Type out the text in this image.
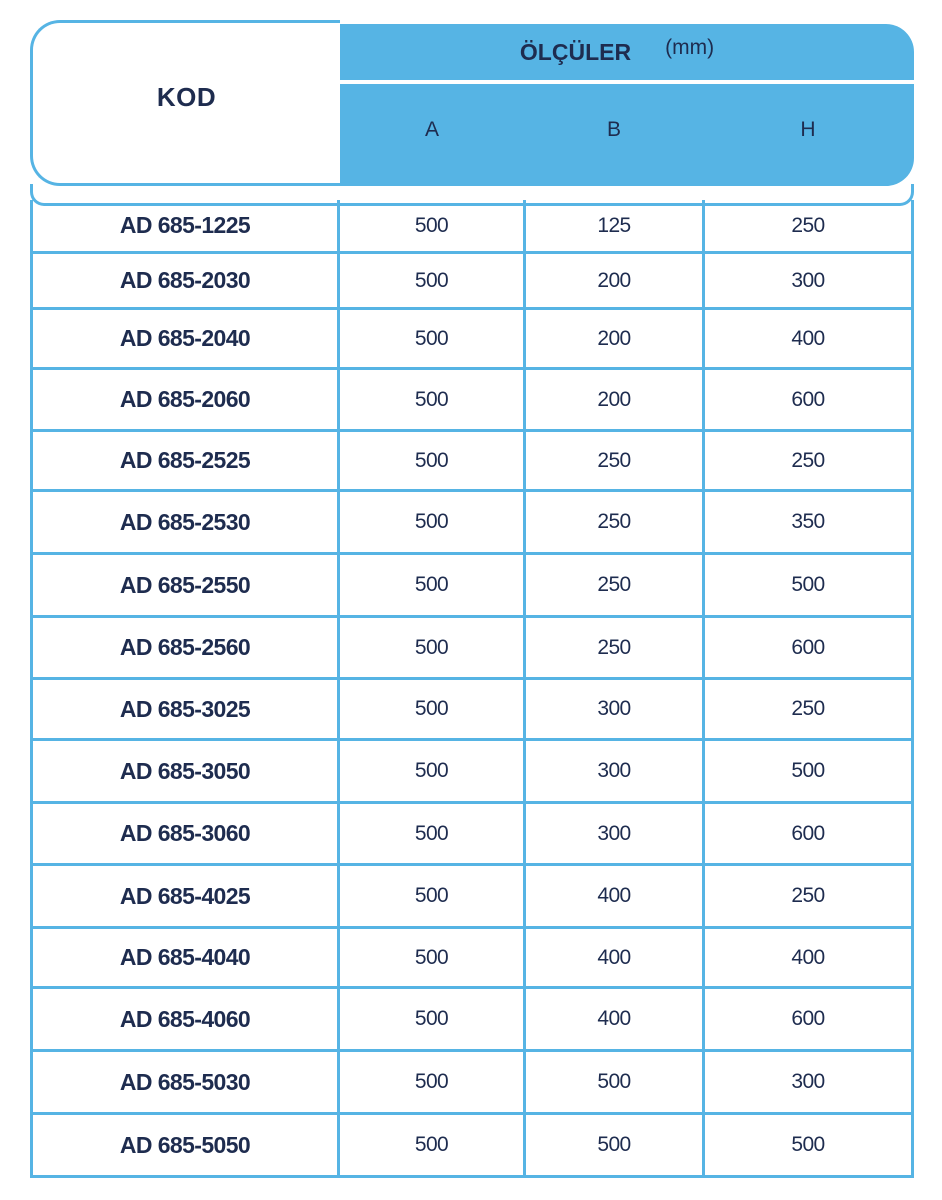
KOD
ÖLÇÜLER (mm)
A	B	H
AD 685-1225	500	125	250
AD 685-2030	500	200	300
AD 685-2040	500	200	400
AD 685-2060	500	200	600
AD 685-2525	500	250	250
AD 685-2530	500	250	350
AD 685-2550	500	250	500
AD 685-2560	500	250	600
AD 685-3025	500	300	250
AD 685-3050	500	300	500
AD 685-3060	500	300	600
AD 685-4025	500	400	250
AD 685-4040	500	400	400
AD 685-4060	500	400	600
AD 685-5030	500	500	300
AD 685-5050	500	500	500
